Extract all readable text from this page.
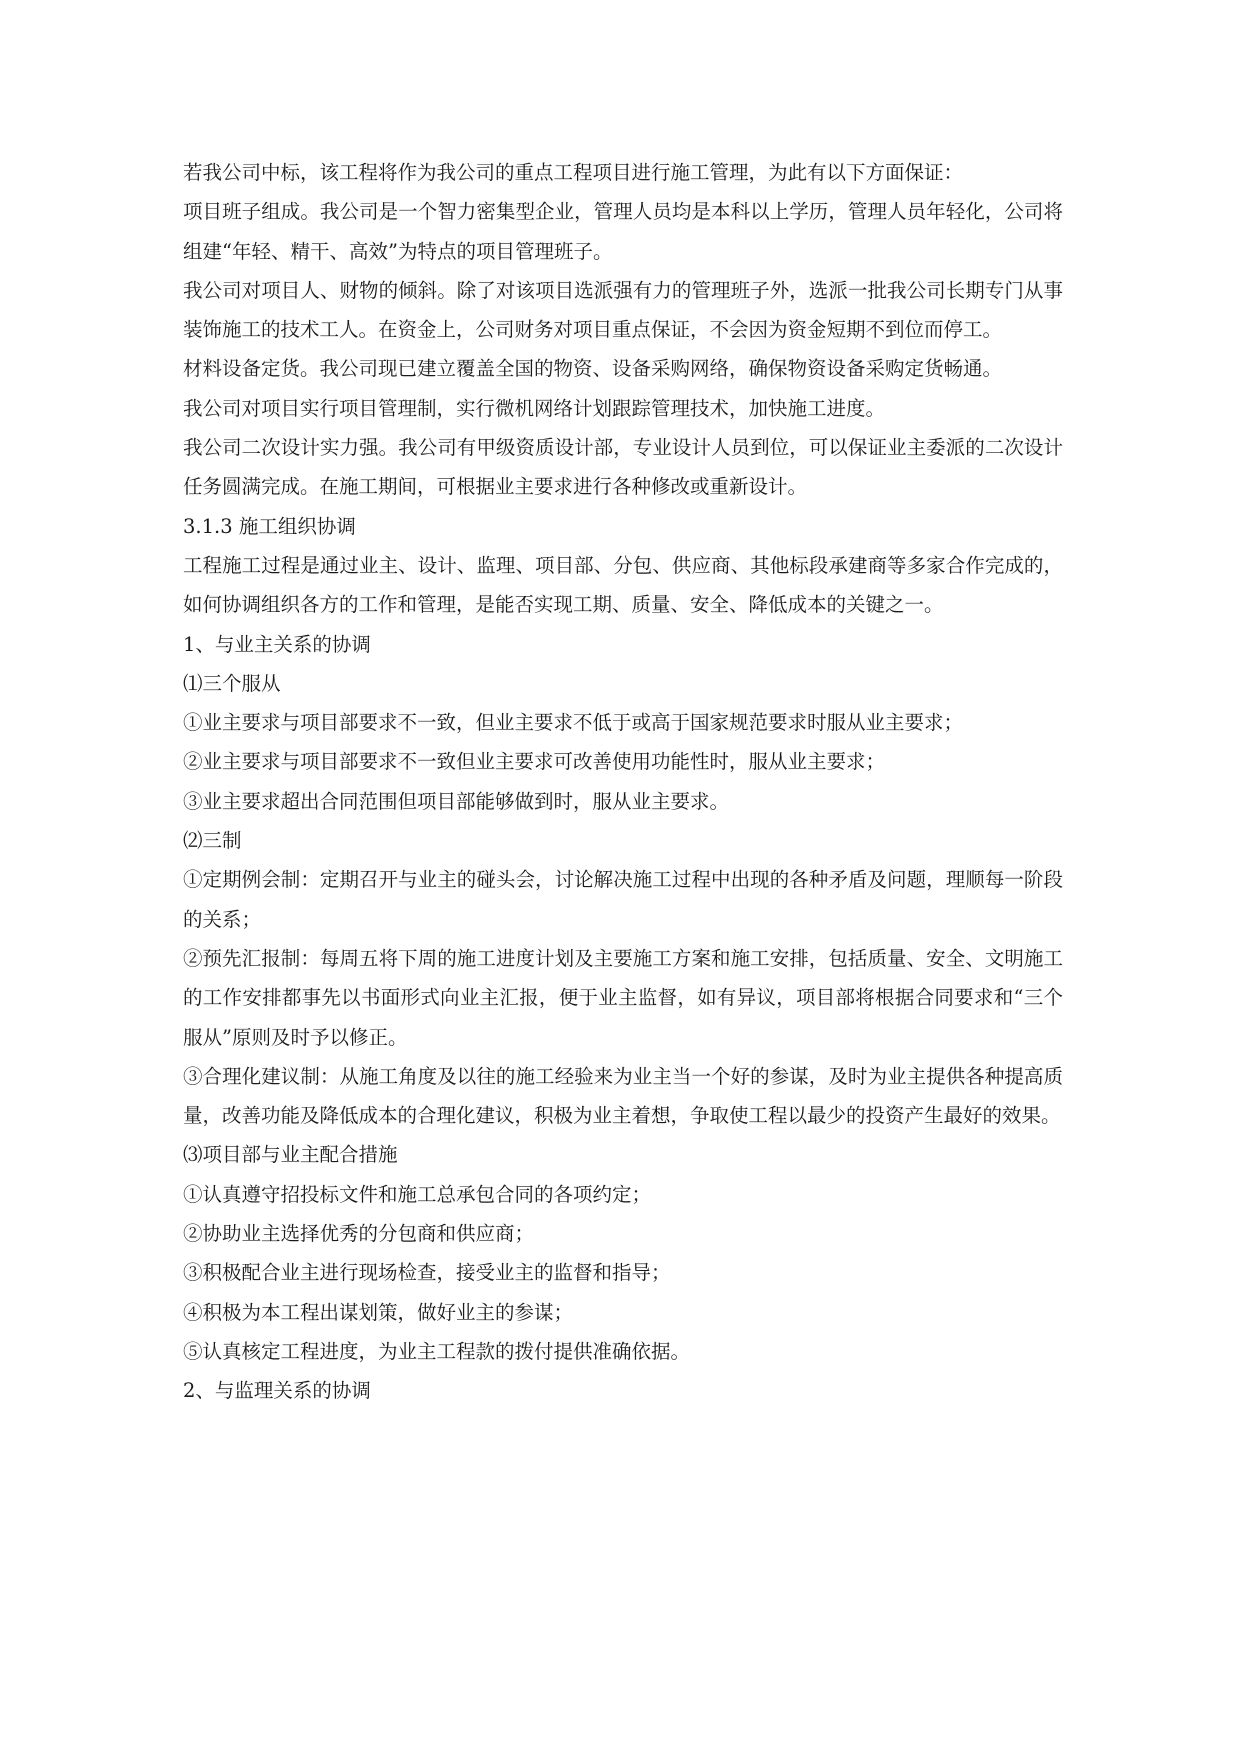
若我公司中标，该工程将作为我公司的重点工程项目进行施工管理，为此有以下方面保证：

项目班子组成。我公司是一个智力密集型企业，管理人员均是本科以上学历，管理人员年轻化，公司将组建“年轻、精干、高效”为特点的项目管理班子。

我公司对项目人、财物的倾斜。除了对该项目选派强有力的管理班子外，选派一批我公司长期专门从事装饰施工的技术工人。在资金上，公司财务对项目重点保证，不会因为资金短期不到位而停工。

材料设备定货。我公司现已建立覆盖全国的物资、设备采购网络，确保物资设备采购定货畅通。

我公司对项目实行项目管理制，实行微机网络计划跟踪管理技术，加快施工进度。

我公司二次设计实力强。我公司有甲级资质设计部，专业设计人员到位，可以保证业主委派的二次设计任务圆满完成。在施工期间，可根据业主要求进行各种修改或重新设计。

3.1.3 施工组织协调

工程施工过程是通过业主、设计、监理、项目部、分包、供应商、其他标段承建商等多家合作完成的，如何协调组织各方的工作和管理，是能否实现工期、质量、安全、降低成本的关键之一。

1、与业主关系的协调

⑴三个服从

①业主要求与项目部要求不一致，但业主要求不低于或高于国家规范要求时服从业主要求；

②业主要求与项目部要求不一致但业主要求可改善使用功能性时，服从业主要求；

③业主要求超出合同范围但项目部能够做到时，服从业主要求。

⑵三制

①定期例会制：定期召开与业主的碰头会，讨论解决施工过程中出现的各种矛盾及问题，理顺每一阶段的关系；

②预先汇报制：每周五将下周的施工进度计划及主要施工方案和施工安排，包括质量、安全、文明施工的工作安排都事先以书面形式向业主汇报，便于业主监督，如有异议，项目部将根据合同要求和“三个服从”原则及时予以修正。

③合理化建议制：从施工角度及以往的施工经验来为业主当一个好的参谋，及时为业主提供各种提高质量，改善功能及降低成本的合理化建议，积极为业主着想，争取使工程以最少的投资产生最好的效果。

⑶项目部与业主配合措施

①认真遵守招投标文件和施工总承包合同的各项约定；

②协助业主选择优秀的分包商和供应商；

③积极配合业主进行现场检查，接受业主的监督和指导；

④积极为本工程出谋划策，做好业主的参谋；

⑤认真核定工程进度，为业主工程款的拨付提供准确依据。

2、与监理关系的协调
